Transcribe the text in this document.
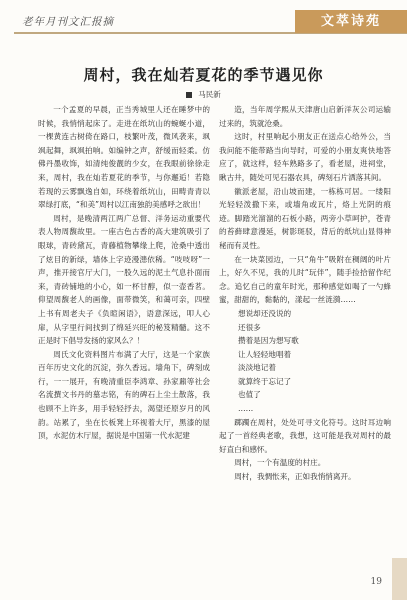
老年月刊文汇报摘	文萃诗苑
周村，我在灿若夏花的季节遇见你
马民新

一个孟夏的早晨，正当秀城里人还在睡梦中的时候，我悄悄起床了。走进在纸坑山的蜿蜒小道，一棵黄连古树倚在路口，枝繁叶茂，微风袭来，飒飒起舞，飒飒拍响。如编钟之声，舒缓而轻柔。仿佛丹墨收饰，如清纯俊靓的少女，在我眼前徐徐走来，周村，我在灿若夏花的季节，与你邂逅！若隐若现的云雾飘逸自如，环绕着纸坑山，田畴青青以翠绿打底，“和美”周村以江南独韵美感呼之欲出！

周村，是晚清两江两广总督、洋务运动重要代表人物周馥故里。一座古色古香的高大建筑吸引了眼球，青砖黛瓦，青藤植物攀缘上爬，沧桑中透出了炫目的新绿，墙体上字迹漫漶依稀。“吱吱呀”一声，推开接官厅大门，一股久远的泥土气息扑面而来，青砖铺地的小心，如一杯甘醇，似一壶香茗。仰望周馥老人的画像，面带微笑，和蔼可亲，四壁上书有周老夫子《负暄闲语》，语意深远，叩人心扉，从字里行间找到了绵延兴旺的秘笈精髓。这不正是时下倡导发扬的家风么？！

周氏文化资料图片布满了大厅，这是一个家族百年历史文化的沉淀，弥久香远。墙角下，碑刻成行，一一展开，有晚清重臣李鸿章、孙家鼐等社会名流撰文书丹的墓志铭，有的碑石上尘土散落，我也顾不上许多，用手轻轻抒去，渴望还原岁月的风韵。站累了，坐在长板凳上环视着大厅，黑漆的屋顶，水泥仿木厅屋，据说是中国第一代水泥建

造，当年周学熙从天津唐山启新洋灰公司运输过来的，筑就沧桑。

这时，村里响起小朋友正在送点心给外公，当我问能不能带路当向导时，可爱的小朋友爽快地答应了，就这样，轻车熟路多了，看老屋，进祠堂，瞅古井，随处可见石器农具，碑刻石片洒落其间。

徽派老屋，沿山坡而建，一栋栋可居。一缕阳光轻轻泼撒下来，或墙角或瓦片，烙上光阴的痕迹。脚踏光溜溜的石板小路，两旁小草呵护，苍青的苔藓肆意漫延，树影斑驳，背后的纸坑山显得神秘而有灵性。

在一块菜园边，一只“角牛”吸附在稠阔的叶片上，好久不见，我的儿时“玩伴”，随手捡拾留作纪念。追忆自己的童年时光，那种感觉如喝了一勺蜂蜜，甜甜的，黏黏的，漾起一丝涟漪……

想说却还没说的

还很多

攒着是因为想写歌

让人轻轻地唱着

淡淡地记着

就算终于忘记了

也值了

……

踯躅在周村，处处可寻文化符号。这时耳边响起了一首经典老歌，我想，这可能是我对周村的最好直白和感怀。

周村，一个有温度的村庄。

周村，我惆怅来，正如我悄悄离开。

19
